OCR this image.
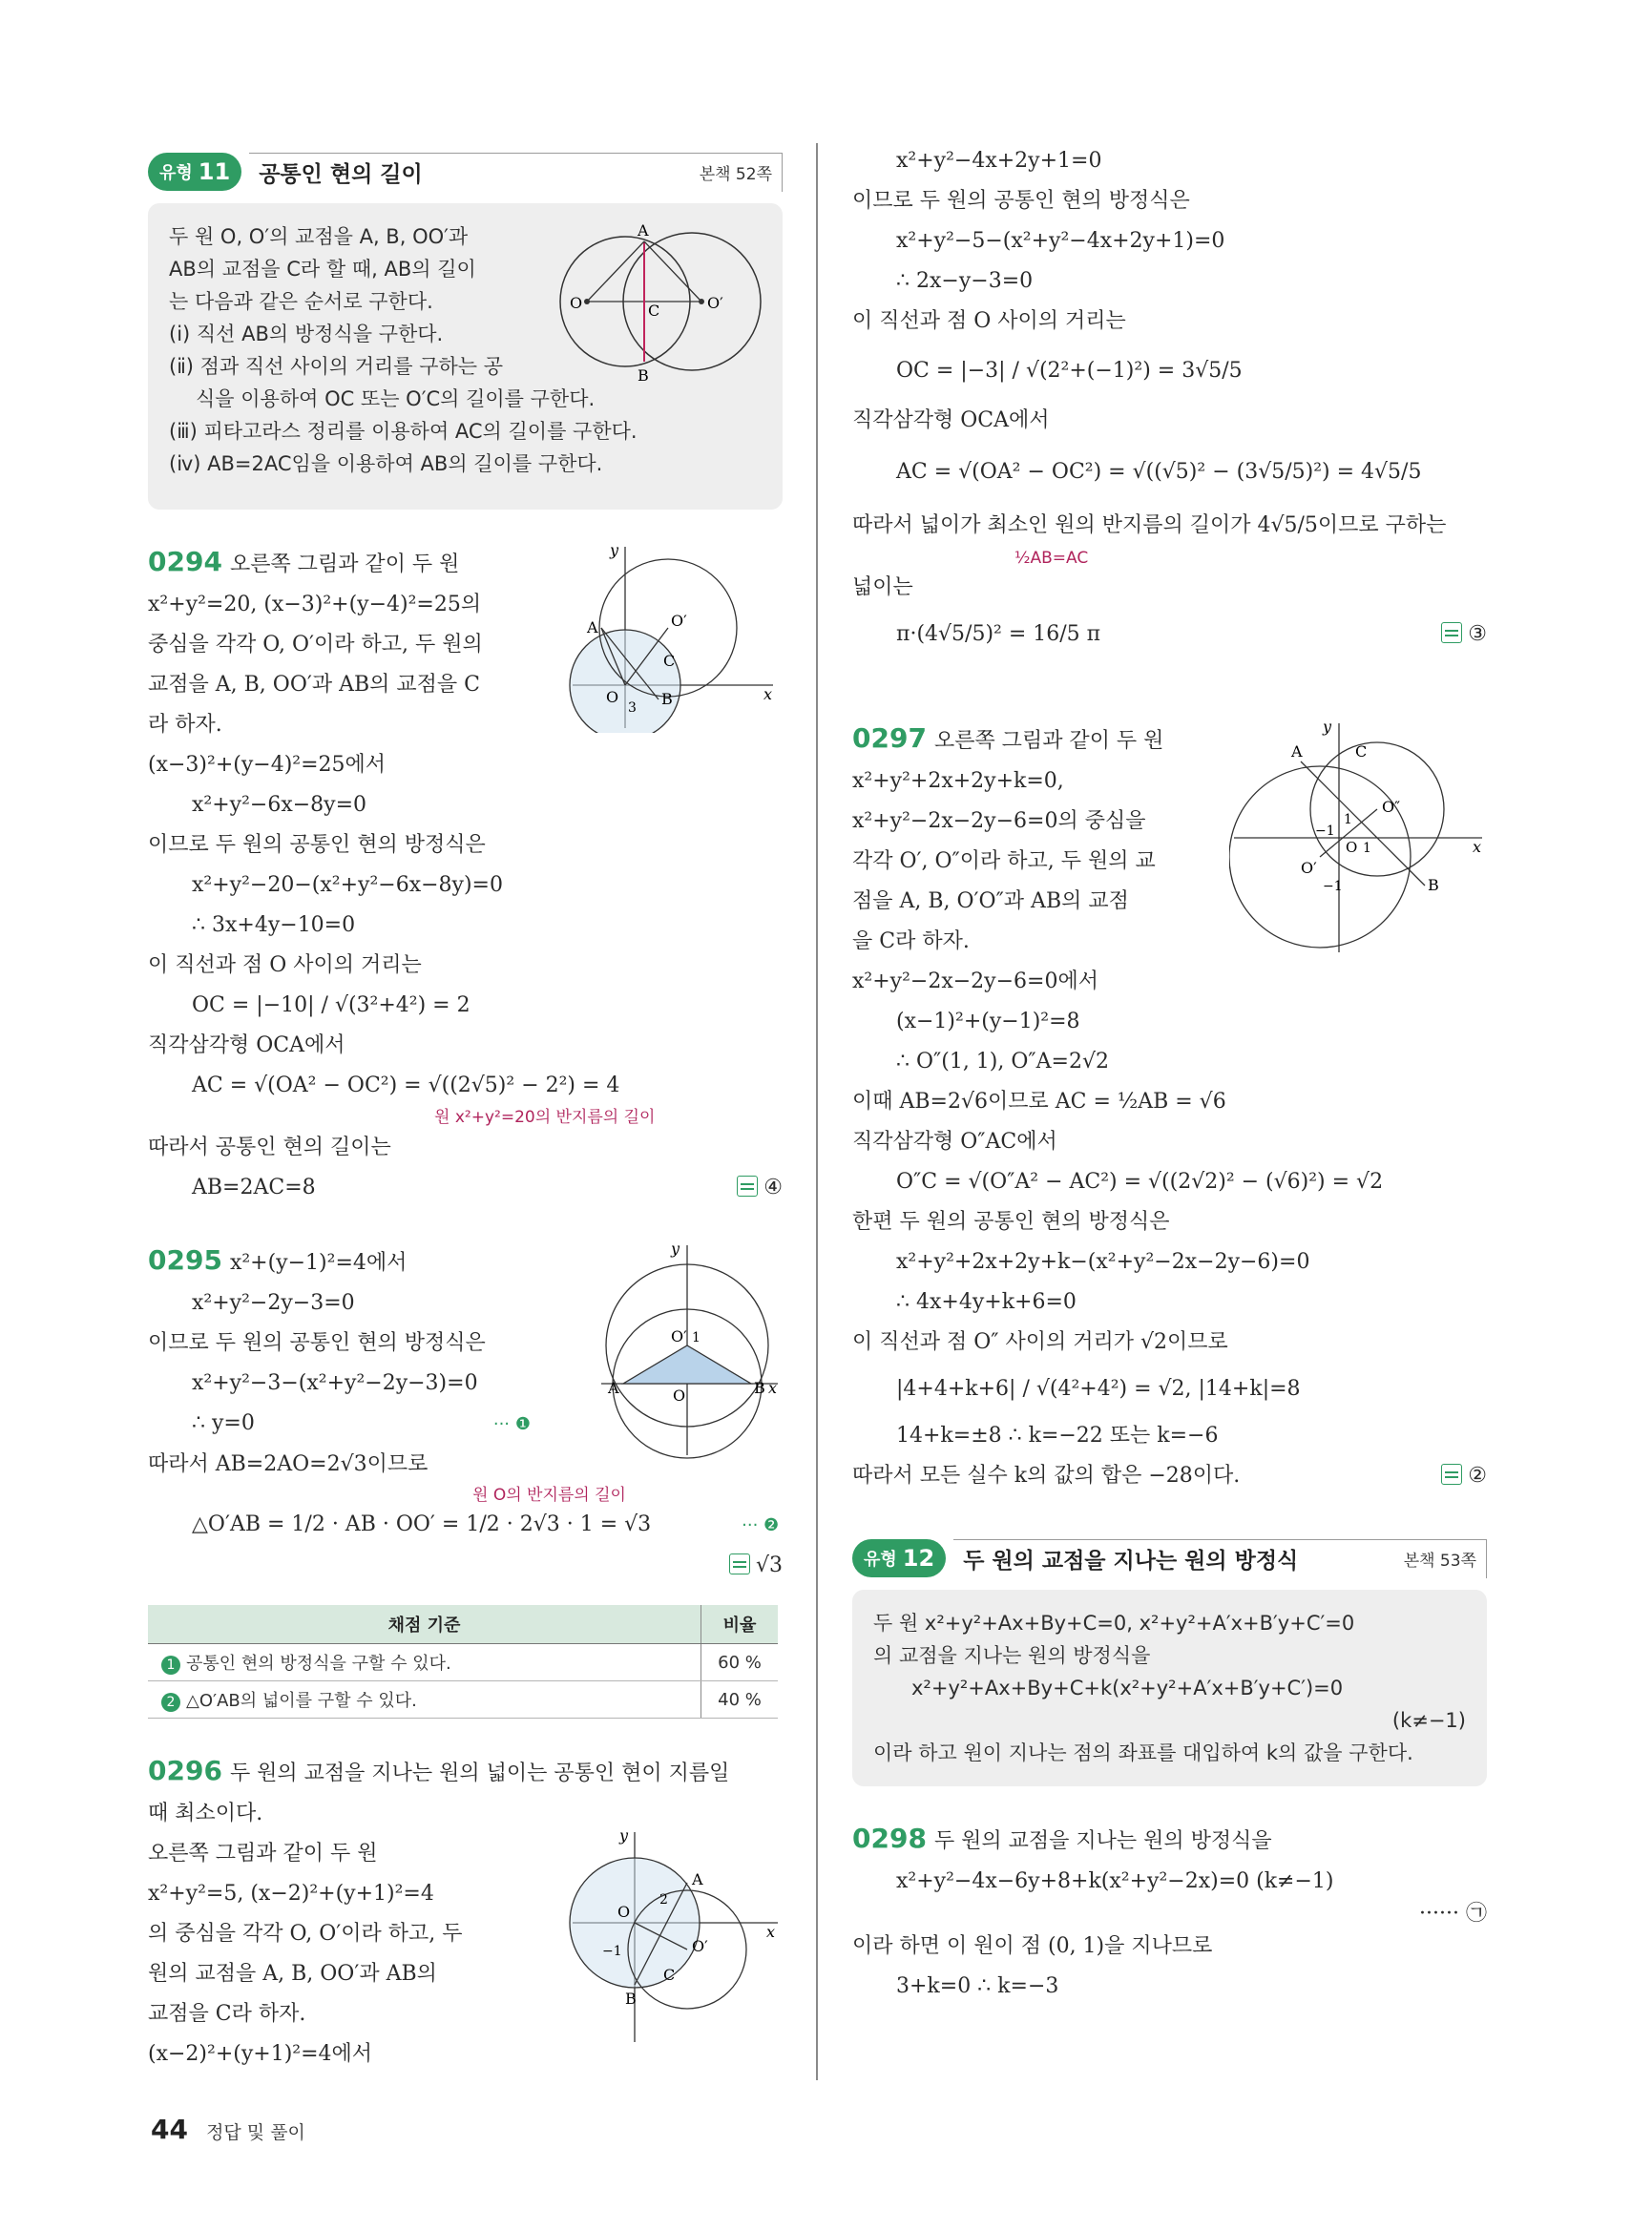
유형 11 공통인 현의 길이	본책 52쪽

두 원 O, O′의 교점을 A, B, OO′과

AB의 교점을 C라 할 때, AB의 길이

는 다음과 같은 순서로 구한다.

(ⅰ) 직선 AB의 방정식을 구한다.

(ⅱ) 점과 직선 사이의 거리를 구하는 공

식을 이용하여 OC 또는 O′C의 길이를 구한다.

(ⅲ) 피타고라스 정리를 이용하여 AC의 길이를 구한다.

(ⅳ) AB=2AC임을 이용하여 AB의 길이를 구한다.

A
B
C
O	O′
0294 오른쪽 그림과 같이 두 원
x²+y²=20, (x−3)²+(y−4)²=25의
중심을 각각 O, O′이라 하고, 두 원의
교점을 A, B, OO′과 AB의 교점을 C
라 하자.
(x−3)²+(y−4)²=25에서
x²+y²−6x−8y=0
이므로 두 원의 공통인 현의 방정식은
x²+y²−20−(x²+y²−6x−8y)=0
∴ 3x+4y−10=0
이 직선과 점 O 사이의 거리는
OC = |−10| / √(3²+4²) = 2
직각삼각형 OCA에서
AC = √(OA² − OC²) = √((2√5)² − 2²) = 4
원 x²+y²=20의 반지름의 길이
따라서 공통인 현의 길이는
AB=2AC=8	④
A
B
C
O′
O
3
x
y
0295 x²+(y−1)²=4에서
x²+y²−2y−3=0
이므로 두 원의 공통인 현의 방정식은
x²+y²−3−(x²+y²−2y−3)=0
∴ y=0	··· ❶
따라서 AB=2AO=2√3이므로
원 O의 반지름의 길이
△O′AB = 1/2 · AB · OO′ = 1/2 · 2√3 · 1 = √3	··· ❷
√3
A	B
O′ 1
O	x
y
채점 기준	비율
1 공통인 현의 방정식을 구할 수 있다.	60 %
2 △O′AB의 넓이를 구할 수 있다.	40 %
0296 두 원의 교점을 지나는 원의 넓이는 공통인 현이 지름일
때 최소이다.
오른쪽 그림과 같이 두 원
x²+y²=5, (x−2)²+(y+1)²=4
의 중심을 각각 O, O′이라 하고, 두
원의 교점을 A, B, OO′과 AB의
교점을 C라 하자.
(x−2)²+(y+1)²=4에서
A
B
C
O′
O
2
−1
x
y
x²+y²−4x+2y+1=0
이므로 두 원의 공통인 현의 방정식은
x²+y²−5−(x²+y²−4x+2y+1)=0
∴ 2x−y−3=0
이 직선과 점 O 사이의 거리는
OC = |−3| / √(2²+(−1)²) = 3√5/5
직각삼각형 OCA에서
AC = √(OA² − OC²) = √((√5)² − (3√5/5)²) = 4√5/5
따라서 넓이가 최소인 원의 반지름의 길이가 4√5/5이므로 구하는
½AB=AC
넓이는
π·(4√5/5)² = 16/5 π	③
0297 오른쪽 그림과 같이 두 원
x²+y²+2x+2y+k=0,
x²+y²−2x−2y−6=0의 중심을
각각 O′, O″이라 하고, 두 원의 교
점을 A, B, O′O″과 AB의 교점
을 C라 하자.
x²+y²−2x−2y−6=0에서
(x−1)²+(y−1)²=8
∴ O″(1, 1), O″A=2√2
이때 AB=2√6이므로 AC = ½AB = √6
직각삼각형 O″AC에서
O″C = √(O″A² − AC²) = √((2√2)² − (√6)²) = √2
한편 두 원의 공통인 현의 방정식은
x²+y²+2x+2y+k−(x²+y²−2x−2y−6)=0
∴ 4x+4y+k+6=0
이 직선과 점 O″ 사이의 거리가 √2이므로
|4+4+k+6| / √(4²+4²) = √2, |14+k|=8
14+k=±8 ∴ k=−22 또는 k=−6
따라서 모든 실수 k의 값의 합은 −28이다.	②
A
B
C
O″
O′
O 1
1
−1
−1
x
y
유형 12 두 원의 교점을 지나는 원의 방정식	본책 53쪽

두 원 x²+y²+Ax+By+C=0, x²+y²+A′x+B′y+C′=0

의 교점을 지나는 원의 방정식을

x²+y²+Ax+By+C+k(x²+y²+A′x+B′y+C′)=0

(k≠−1)

이라 하고 원이 지나는 점의 좌표를 대입하여 k의 값을 구한다.

0298 두 원의 교점을 지나는 원의 방정식을
x²+y²−4x−6y+8+k(x²+y²−2x)=0 (k≠−1)
······ ㉠
이라 하면 이 원이 점 (0, 1)을 지나므로
3+k=0 ∴ k=−3
44 정답 및 풀이
